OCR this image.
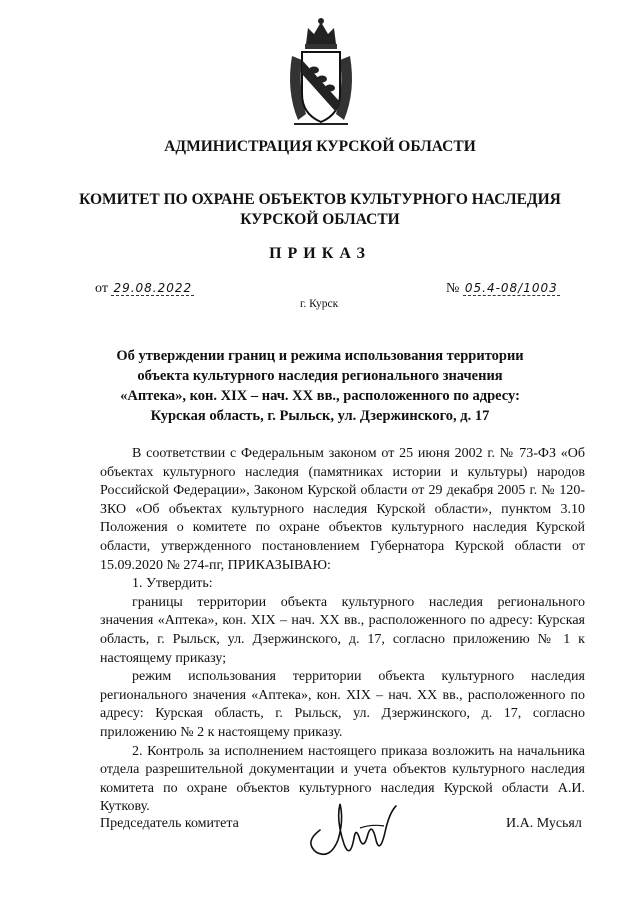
АДМИНИСТРАЦИЯ КУРСКОЙ ОБЛАСТИ
КОМИТЕТ ПО ОХРАНЕ ОБЪЕКТОВ КУЛЬТУРНОГО НАСЛЕДИЯ
КУРСКОЙ ОБЛАСТИ
ПРИКАЗ
от 29.08.2022	№ 05.4-08/1003
г. Курск
Об утверждении границ и режима использования территории
объекта культурного наследия регионального значения
«Аптека», кон. XIX – нач. XX вв., расположенного по адресу:
Курская область, г. Рыльск, ул. Дзержинского, д. 17

В соответствии с Федеральным законом от 25 июня 2002 г. № 73-ФЗ «Об объектах культурного наследия (памятниках истории и культуры) народов Российской Федерации», Законом Курской области от 29 декабря 2005 г. № 120-ЗКО «Об объектах культурного наследия Курской области», пунктом 3.10 Положения о комитете по охране объектов культурного наследия Курской области, утвержденного постановлением Губернатора Курской области от 15.09.2020 № 274-пг, ПРИКАЗЫВАЮ:

1. Утвердить:

границы территории объекта культурного наследия регионального значения «Аптека», кон. XIX – нач. XX вв., расположенного по адресу: Курская область, г. Рыльск, ул. Дзержинского, д. 17, согласно приложению № 1 к настоящему приказу;

режим использования территории объекта культурного наследия регионального значения «Аптека», кон. XIX – нач. XX вв., расположенного по адресу: Курская область, г. Рыльск, ул. Дзержинского, д. 17, согласно приложению № 2 к настоящему приказу.

2. Контроль за исполнением настоящего приказа возложить на начальника отдела разрешительной документации и учета объектов культурного наследия комитета по охране объектов культурного наследия Курской области А.И. Куткову.

Председатель комитета	И.А. Мусьял
